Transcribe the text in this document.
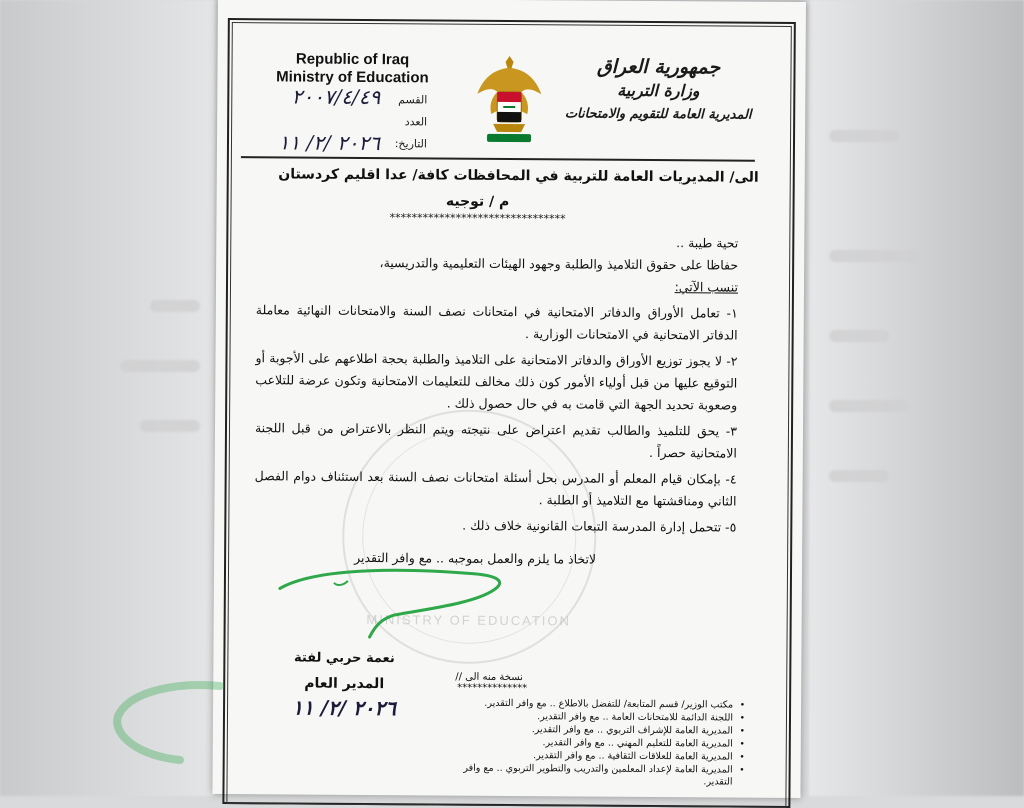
Republic of Iraq
Ministry of Education
القسم
العدد
٢٠٠٧/٤/٤٩
التاريخ:
٢٠٢٦ /٢/ ١١
جمهورية العراق
وزارة التربية
المديرية العامة للتقويم والامتحانات
MINISTRY OF EDUCATION
الى/ المديريات العامة للتربية في المحافظات كافة/ عدا اقليم كردستان
م / توجيه
********************************
تحية طيبة ..
حفاظا على حقوق التلاميذ والطلبة وجهود الهيئات التعليمية والتدريسية،
تنسب الآتي:
١- تعامل الأوراق والدفاتر الامتحانية في امتحانات نصف السنة والامتحانات النهائية معاملة الدفاتر الامتحانية في الامتحانات الوزارية .
٢- لا يجوز توزيع الأوراق والدفاتر الامتحانية على التلاميذ والطلبة بحجة اطلاعهم على الأجوبة أو التوقيع عليها من قبل أولياء الأمور كون ذلك مخالف للتعليمات الامتحانية وتكون عرضة للتلاعب وصعوبة تحديد الجهة التي قامت به في حال حصول ذلك .
٣- يحق للتلميذ والطالب تقديم اعتراض على نتيجته ويتم النظر بالاعتراض من قبل اللجنة الامتحانية حصراً .
٤- بإمكان قيام المعلم أو المدرس بحل أسئلة امتحانات نصف السنة بعد استئناف دوام الفصل الثاني ومناقشتها مع التلاميذ أو الطلبة .
٥- تتحمل إدارة المدرسة التبعات القانونية خلاف ذلك .
لاتخاذ ما يلزم والعمل بموجبه .. مع وافر التقدير
نعمة حربي لفتة
المدير العام
٢٠٢٦ /٢/ ١١
نسخة منه الى //
**************
• مكتب الوزير/ قسم المتابعة/ للتفضل بالاطلاع .. مع وافر التقدير.
• اللجنة الدائمة للامتحانات العامة .. مع وافر التقدير.
• المديرية العامة للإشراف التربوي .. مع وافر التقدير.
• المديرية العامة للتعليم المهني .. مع وافر التقدير.
• المديرية العامة للعلاقات الثقافية .. مع وافر التقدير.
• المديرية العامة لإعداد المعلمين والتدريب والتطوير التربوي .. مع وافر التقدير.
